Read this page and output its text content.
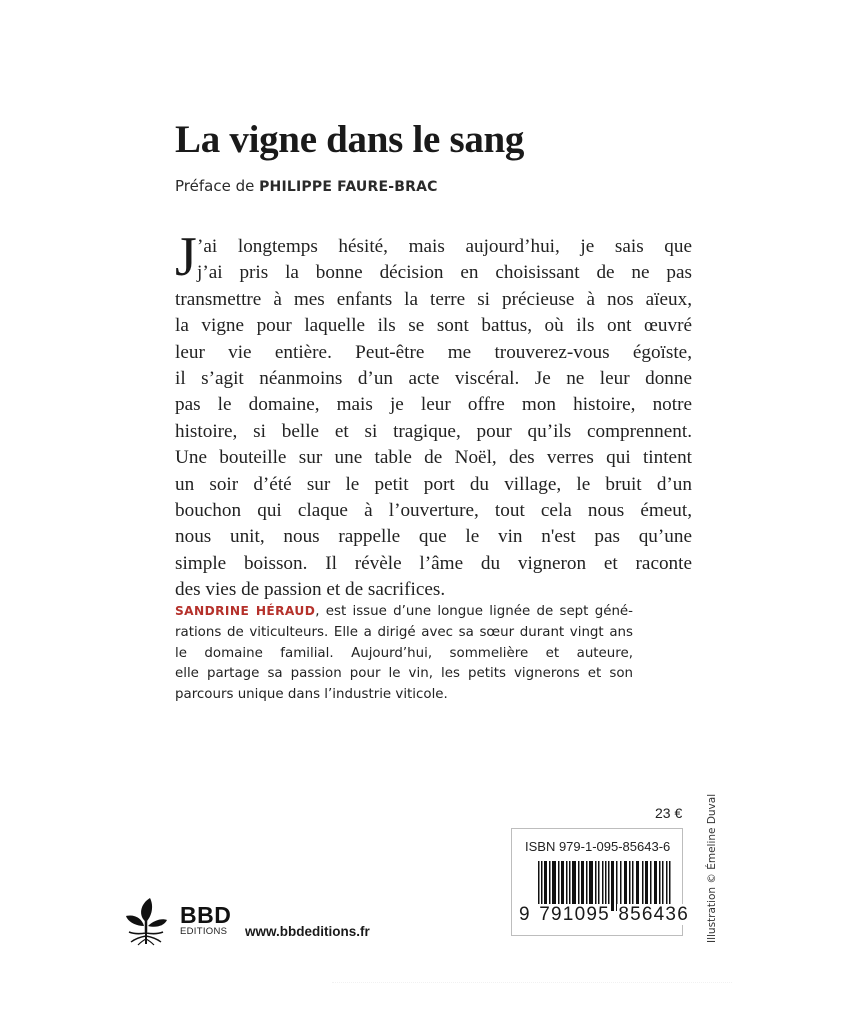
La vigne dans le sang
Préface de PHILIPPE FAURE-BRAC
J ’ai longtemps hésité, mais aujourd’hui, je sais que
j’ai pris la bonne décision en choisissant de ne pas
transmettre à mes enfants la terre si précieuse à nos aïeux,
la vigne pour laquelle ils se sont battus, où ils ont œuvré
leur vie entière. Peut-être me trouverez-vous égoïste,
il s’agit néanmoins d’un acte viscéral. Je ne leur donne
pas le domaine, mais je leur offre mon histoire, notre
histoire, si belle et si tragique, pour qu’ils comprennent.
Une bouteille sur une table de Noël, des verres qui tintent
un soir d’été sur le petit port du village, le bruit d’un
bouchon qui claque à l’ouverture, tout cela nous émeut,
nous unit, nous rappelle que le vin n'est pas qu’une
simple boisson. Il révèle l’âme du vigneron et raconte
des vies de passion et de sacrifices.
SANDRINE HÉRAUD, est issue d’une longue lignée de sept géné-
rations de viticulteurs. Elle a dirigé avec sa sœur durant vingt ans
le domaine familial. Aujourd’hui, sommelière et auteure,
elle partage sa passion pour le vin, les petits vignerons et son
parcours unique dans l’industrie viticole.
23 €
ISBN 979-1-095-85643-6
9 791095 856436 Illustration © Émeline Duval
BBD
EDITIONS	www.bbdeditions.fr
